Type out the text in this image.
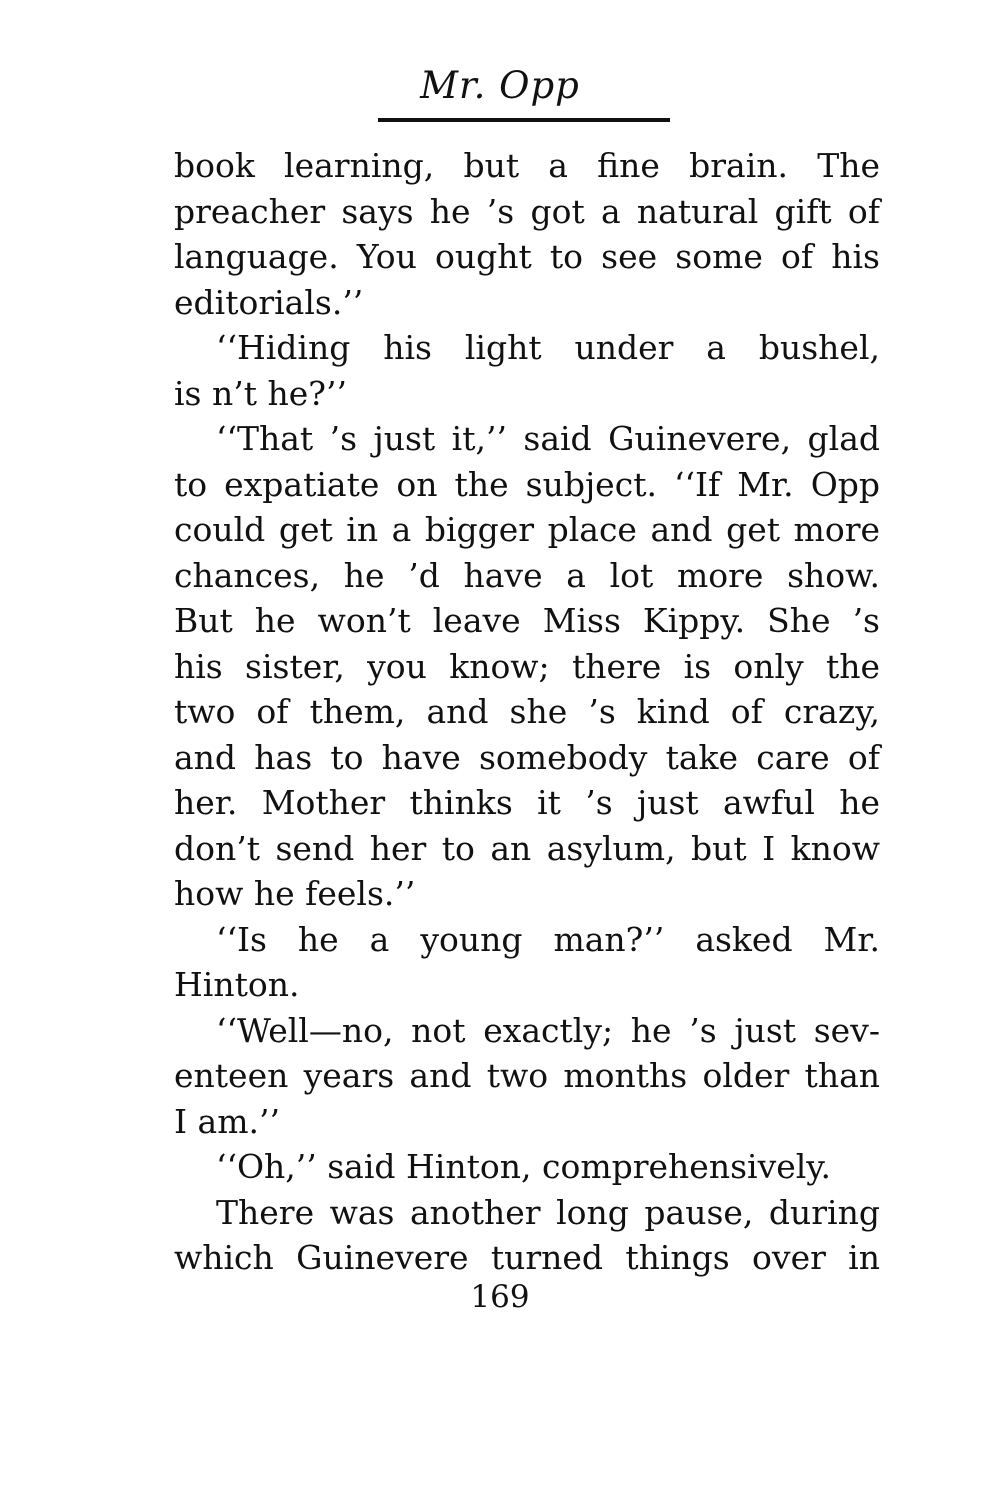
Mr. Opp
book learning, but a fine brain. The
preacher says he ’s got a natural gift of
language. You ought to see some of his
editorials.’’
‘‘Hiding his light under a bushel,
is n’t he?’’
‘‘That ’s just it,’’ said Guinevere, glad
to expatiate on the subject. ‘‘If Mr. Opp
could get in a bigger place and get more
chances, he ’d have a lot more show.
But he won’t leave Miss Kippy. She ’s
his sister, you know; there is only the
two of them, and she ’s kind of crazy,
and has to have somebody take care of
her. Mother thinks it ’s just awful he
don’t send her to an asylum, but I know
how he feels.’’
‘‘Is he a young man?’’ asked Mr.
Hinton.
‘‘Well—no, not exactly; he ’s just sev-
enteen years and two months older than
I am.’’
‘‘Oh,’’ said Hinton, comprehensively.
There was another long pause, during
which Guinevere turned things over in
169
